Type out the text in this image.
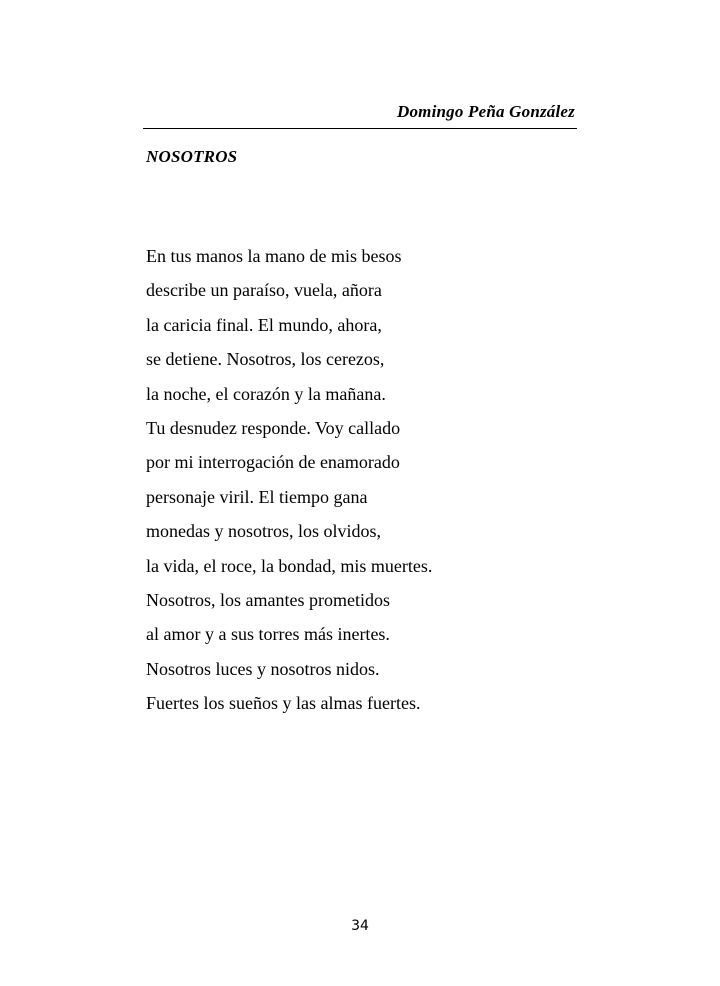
Domingo Peña González
NOSOTROS
En tus manos la mano de mis besos
describe un paraíso, vuela, añora
la caricia final. El mundo, ahora,
se detiene. Nosotros, los cerezos,
la noche, el corazón y la mañana.
Tu desnudez responde. Voy callado
por mi interrogación de enamorado
personaje viril. El tiempo gana
monedas y nosotros, los olvidos,
la vida, el roce, la bondad, mis muertes.
Nosotros, los amantes prometidos
al amor y a sus torres más inertes.
Nosotros luces y nosotros nidos.
Fuertes los sueños y las almas fuertes.
34
